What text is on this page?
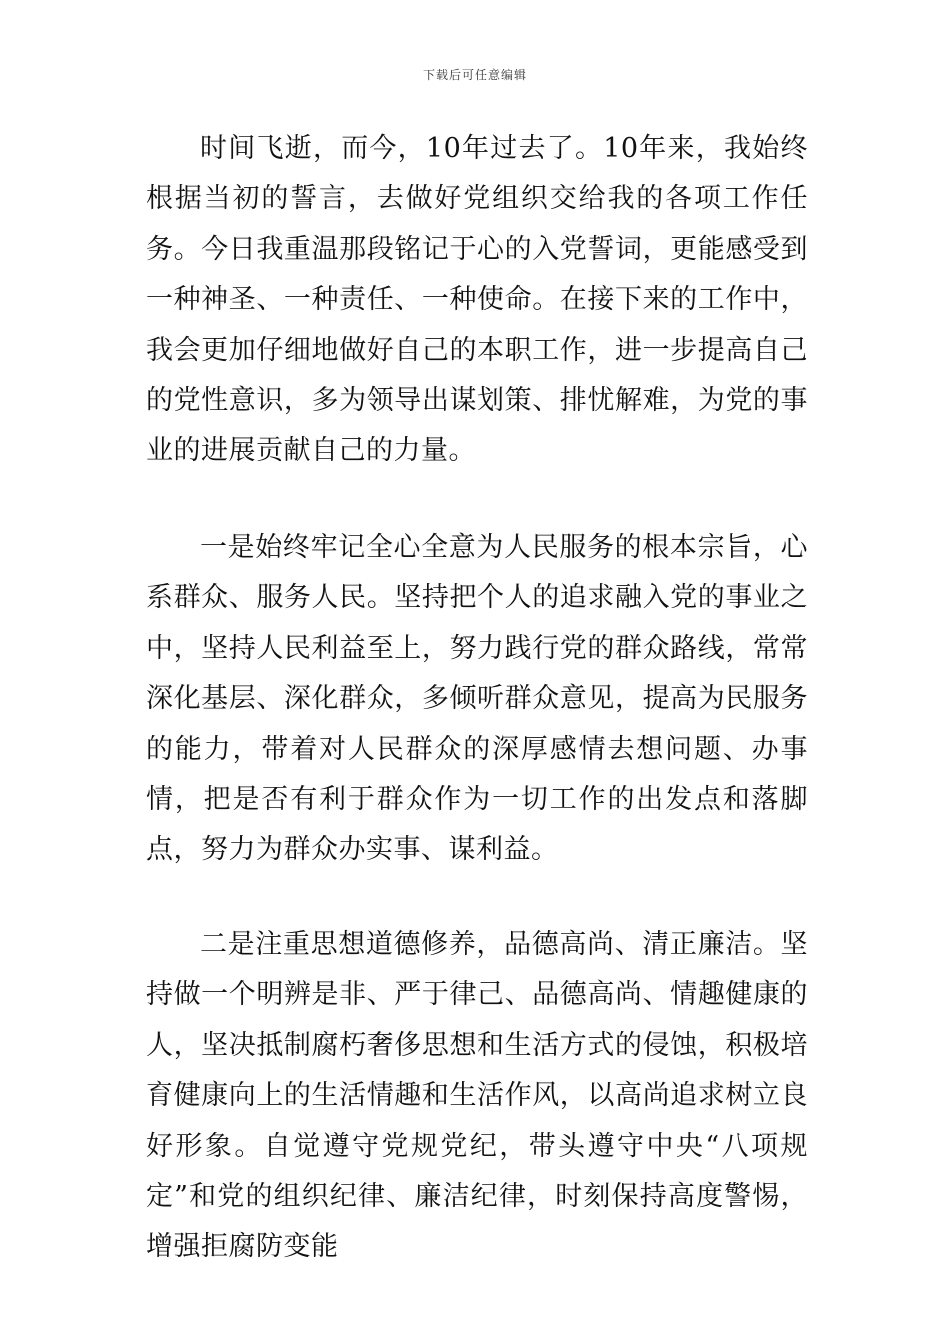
下载后可任意编辑

时间飞逝，而今，10年过去了。10年来，我始终根据当初的誓言，去做好党组织交给我的各项工作任务。今日我重温那段铭记于心的入党誓词，更能感受到一种神圣、一种责任、一种使命。在接下来的工作中，我会更加仔细地做好自己的本职工作，进一步提高自己的党性意识，多为领导出谋划策、排忧解难，为党的事业的进展贡献自己的力量。

一是始终牢记全心全意为人民服务的根本宗旨，心系群众、服务人民。坚持把个人的追求融入党的事业之中，坚持人民利益至上，努力践行党的群众路线，常常深化基层、深化群众，多倾听群众意见，提高为民服务的能力，带着对人民群众的深厚感情去想问题、办事情，把是否有利于群众作为一切工作的出发点和落脚点，努力为群众办实事、谋利益。

二是注重思想道德修养，品德高尚、清正廉洁。坚持做一个明辨是非、严于律己、品德高尚、情趣健康的人，坚决抵制腐朽奢侈思想和生活方式的侵蚀，积极培育健康向上的生活情趣和生活作风，以高尚追求树立良好形象。自觉遵守党规党纪，带头遵守中央“八项规定”和党的组织纪律、廉洁纪律，时刻保持高度警惕，增强拒腐防变能
